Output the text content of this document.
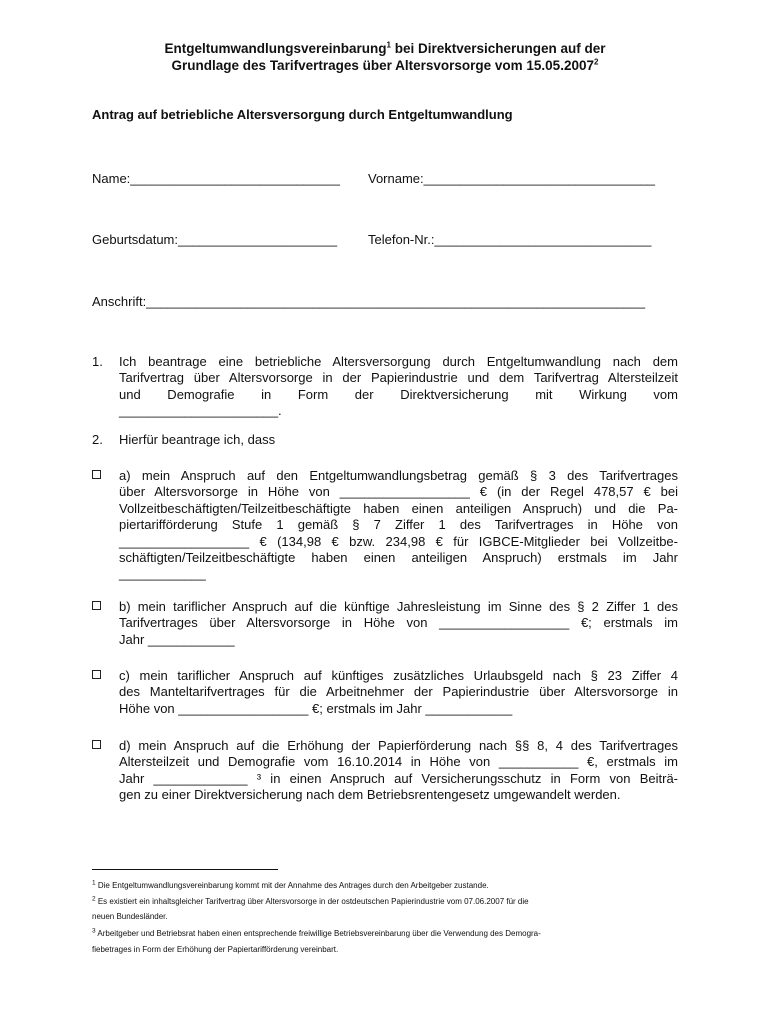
Entgeltumwandlungsvereinbarung$^1$ bei Direktversicherungen auf der
Grundlage des Tarifvertrages über Altersvorsorge vom 15.05.2007$^2$
Antrag auf betriebliche Altersversorgung durch Entgeltumwandlung
Name:_____________________________ Vorname:________________________________
Geburtsdatum:______________________ Telefon-Nr.:______________________________
Anschrift:_____________________________________________________________________
1. Ich beantrage eine betriebliche Altersversorgung durch Entgeltumwandlung nach dem
Tarifvertrag über Altersvorsorge in der Papierindustrie und dem Tarifvertrag Altersteilzeit
und Demografie in Form der Direktversicherung mit Wirkung vom
______________________.
2. Hierfür beantrage ich, dass
a) mein Anspruch auf den Entgeltumwandlungsbetrag gemäß § 3 des Tarifvertrages
über Altersvorsorge in Höhe von __________________ € (in der Regel 478,57 € bei
Vollzeitbeschäftigten/Teilzeitbeschäftigte haben einen anteiligen Anspruch) und die Pa-
piertarifförderung Stufe 1 gemäß § 7 Ziffer 1 des Tarifvertrages in Höhe von
__________________ € (134,98 € bzw. 234,98 € für IGBCE-Mitglieder bei Vollzeitbe-
schäftigten/Teilzeitbeschäftigte haben einen anteiligen Anspruch) erstmals im Jahr
____________
b) mein tariflicher Anspruch auf die künftige Jahresleistung im Sinne des § 2 Ziffer 1 des
Tarifvertrages über Altersvorsorge in Höhe von __________________ €; erstmals im
Jahr ____________
c) mein tariflicher Anspruch auf künftiges zusätzliches Urlaubsgeld nach § 23 Ziffer 4
des Manteltarifvertrages für die Arbeitnehmer der Papierindustrie über Altersvorsorge in
Höhe von __________________ €; erstmals im Jahr ____________
d) mein Anspruch auf die Erhöhung der Papierförderung nach §§ 8, 4 des Tarifvertrages
Altersteilzeit und Demografie vom 16.10.2014 in Höhe von ___________ €, erstmals im
Jahr _____________ ³ in einen Anspruch auf Versicherungsschutz in Form von Beiträ-
gen zu einer Direktversicherung nach dem Betriebsrentengesetz umgewandelt werden.
$^1$ Die Entgeltumwandlungsvereinbarung kommt mit der Annahme des Antrages durch den Arbeitgeber zustande.
$^2$ Es existiert ein inhaltsgleicher Tarifvertrag über Altersvorsorge in der ostdeutschen Papierindustrie vom 07.06.2007 für die
neuen Bundesländer.
$^3$ Arbeitgeber und Betriebsrat haben einen entsprechende freiwillige Betriebsvereinbarung über die Verwendung des Demogra-
fiebetrages in Form der Erhöhung der Papiertarifförderung vereinbart.
